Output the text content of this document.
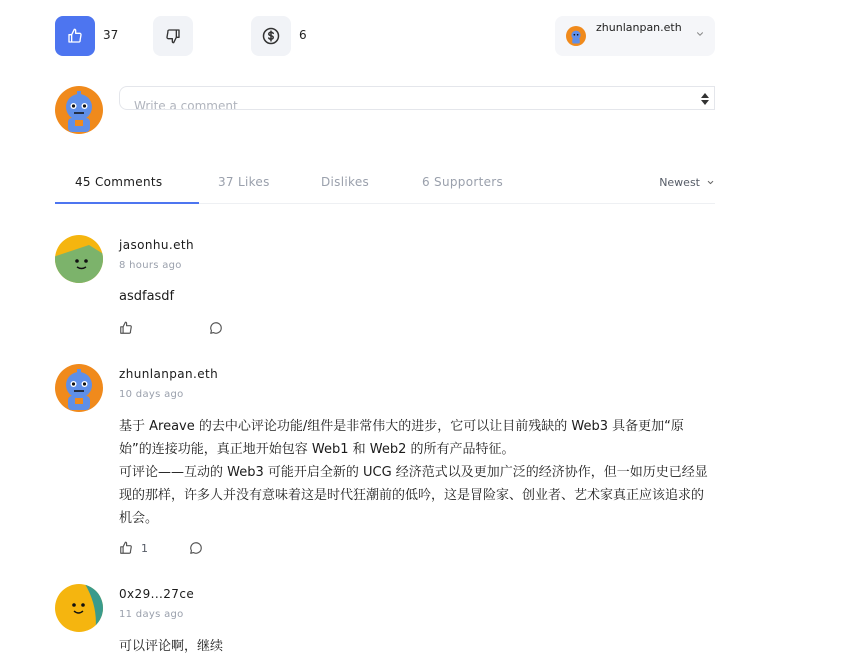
37	6
zhunlanpan.eth
Write a comment
45 Comments	37 Likes	Dislikes	6 Supporters	Newest
jasonhu.eth
8 hours ago
asdfasdf
zhunlanpan.eth
10 days ago
基于 Areave 的去中心评论功能/组件是非常伟大的进步，它可以让目前残缺的 Web3 具备更加“原始”的连接功能，真正地开始包容 Web1 和 Web2 的所有产品特征。
可评论——互动的 Web3 可能开启全新的 UCG 经济范式以及更加广泛的经济协作，但一如历史已经显现的那样，许多人并没有意味着这是时代狂潮前的低吟，这是冒险家、创业者、艺术家真正应该追求的机会。
1
0x29...27ce
11 days ago
可以评论啊，继续
